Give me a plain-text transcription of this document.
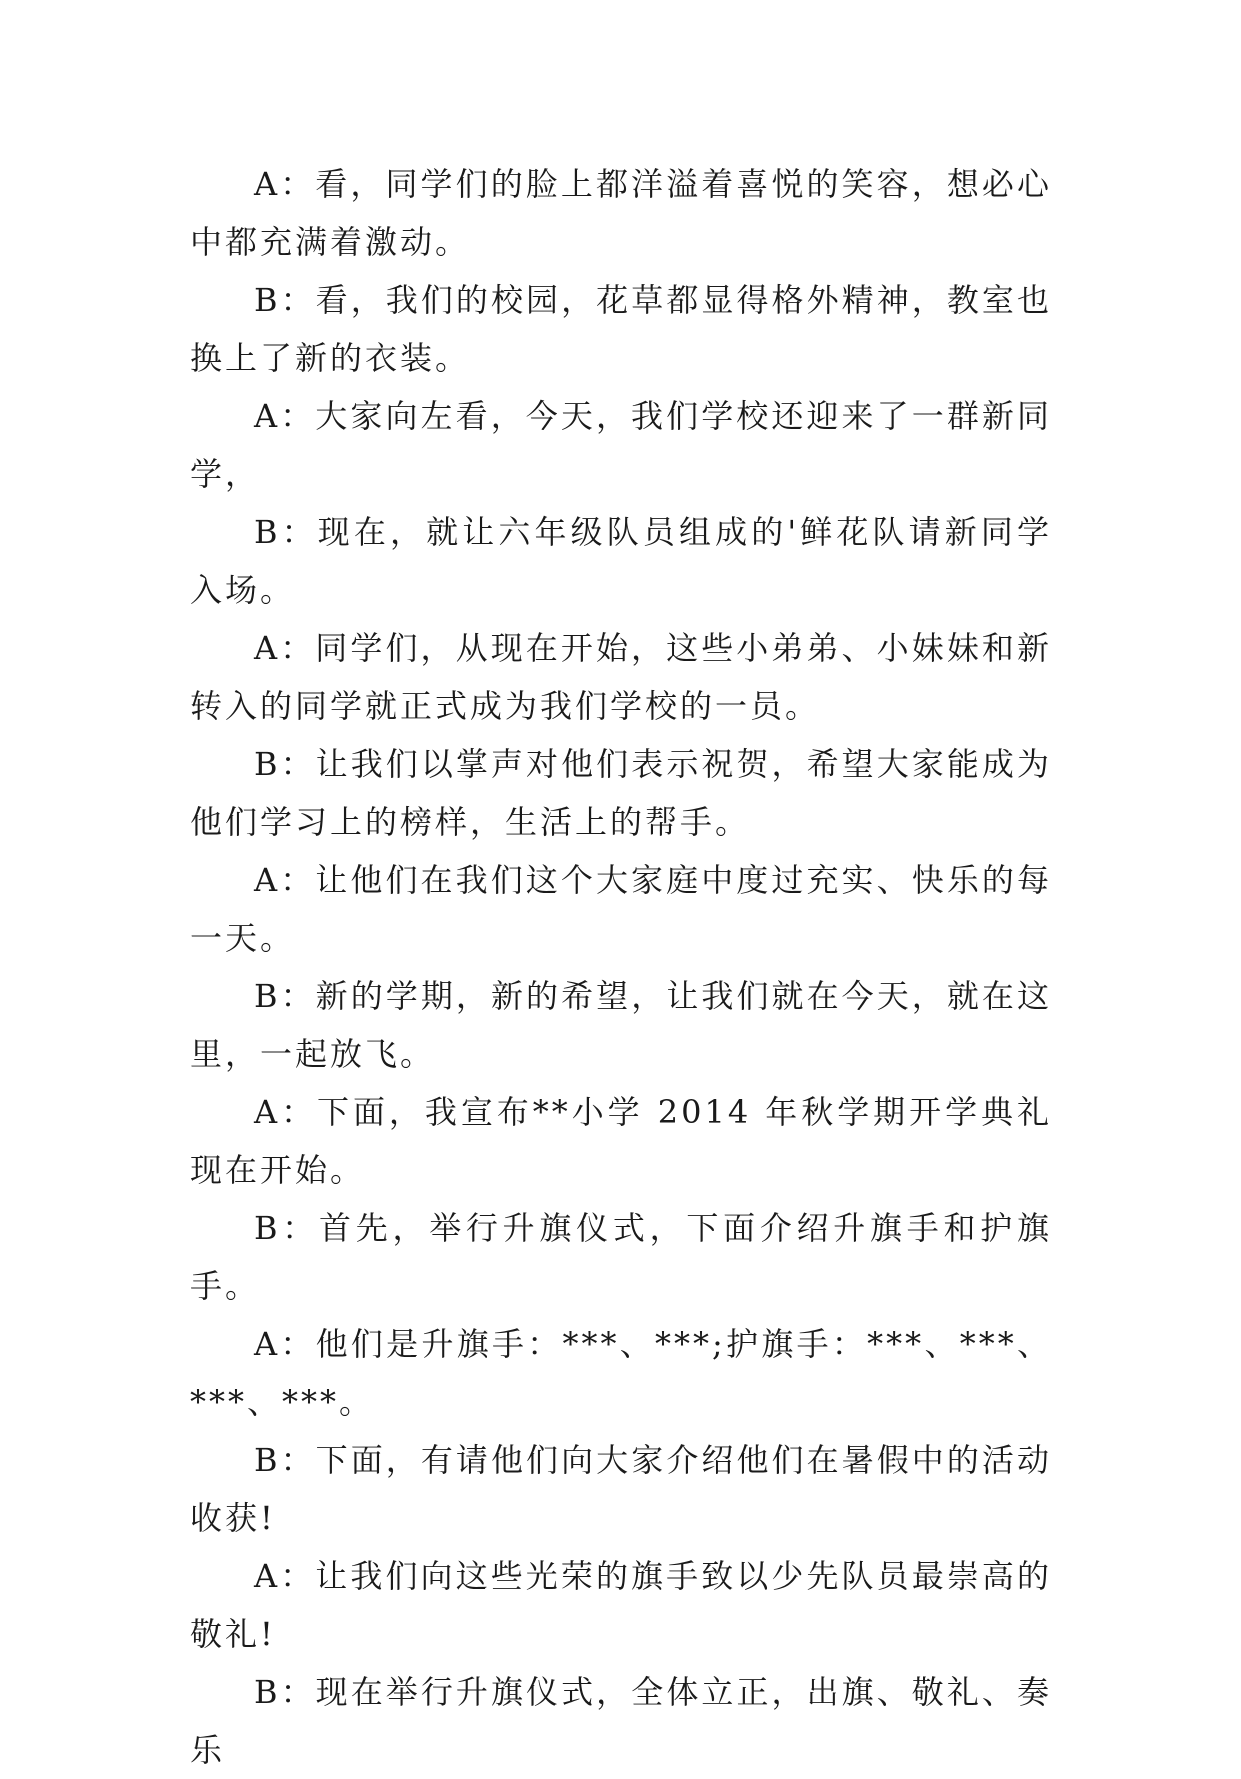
A：看，同学们的脸上都洋溢着喜悦的笑容，想必心中都充满着激动。

B：看，我们的校园，花草都显得格外精神，教室也换上了新的衣装。

A：大家向左看，今天，我们学校还迎来了一群新同学，

B：现在，就让六年级队员组成的'鲜花队请新同学入场。

A：同学们，从现在开始，这些小弟弟、小妹妹和新转入的同学就正式成为我们学校的一员。

B：让我们以掌声对他们表示祝贺，希望大家能成为他们学习上的榜样，生活上的帮手。

A：让他们在我们这个大家庭中度过充实、快乐的每一天。

B：新的学期，新的希望，让我们就在今天，就在这里，一起放飞。

A：下面，我宣布**小学 2014 年秋学期开学典礼现在开始。

B：首先，举行升旗仪式，下面介绍升旗手和护旗手。

A：他们是升旗手：***、***;护旗手：***、***、***、***。

B：下面，有请他们向大家介绍他们在暑假中的活动收获!

A：让我们向这些光荣的旗手致以少先队员最崇高的敬礼!

B：现在举行升旗仪式，全体立正，出旗、敬礼、奏乐
